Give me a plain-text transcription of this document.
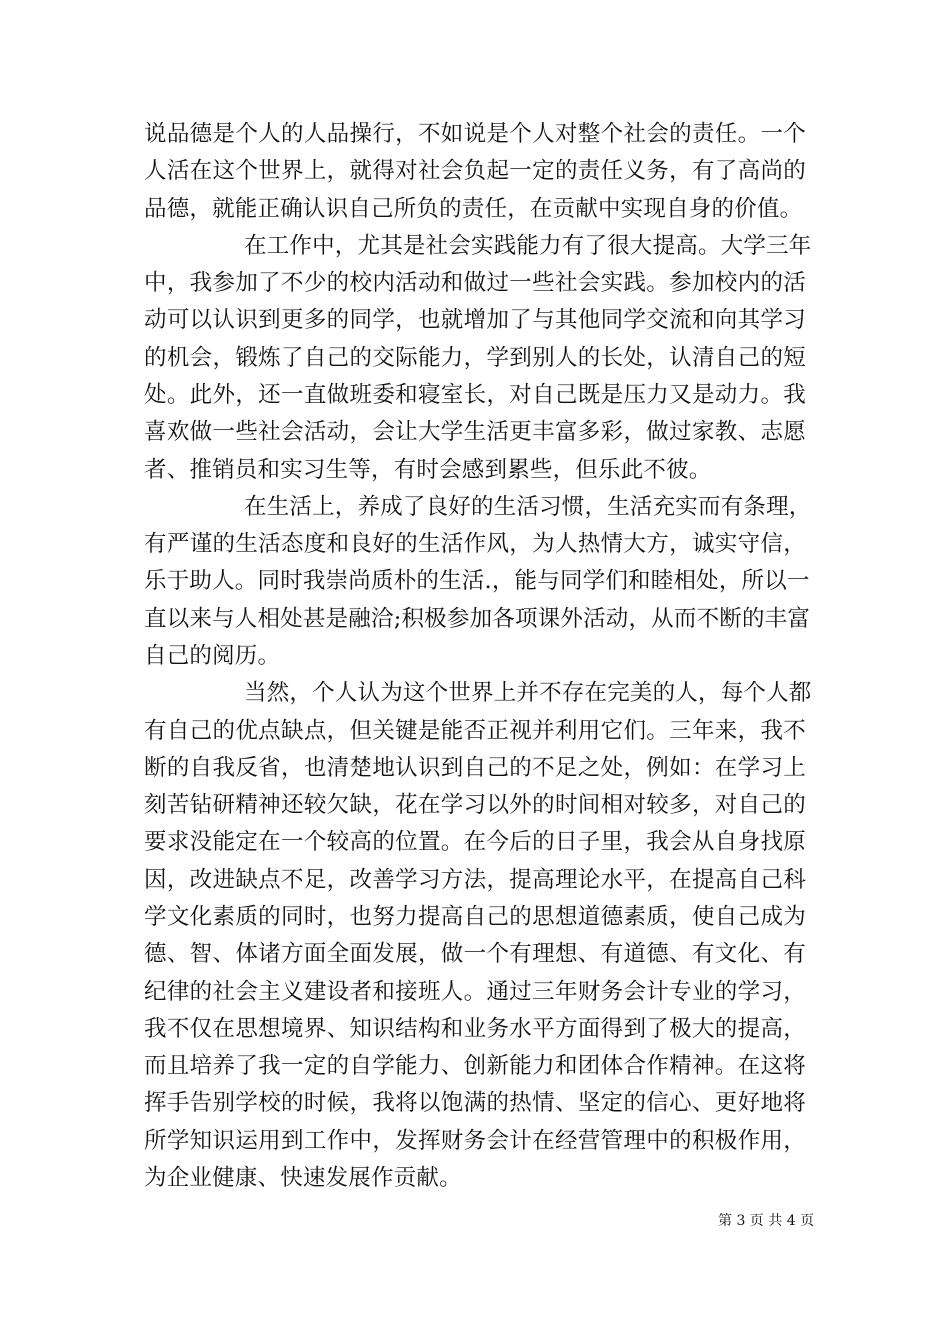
说品德是个人的人品操行，不如说是个人对整个社会的责任。一个
人活在这个世界上，就得对社会负起一定的责任义务，有了高尚的
品德，就能正确认识自己所负的责任，在贡献中实现自身的价值。
在工作中，尤其是社会实践能力有了很大提高。大学三年
中，我参加了不少的校内活动和做过一些社会实践。参加校内的活
动可以认识到更多的同学，也就增加了与其他同学交流和向其学习
的机会，锻炼了自己的交际能力，学到别人的长处，认清自己的短
处。此外，还一直做班委和寝室长，对自己既是压力又是动力。我
喜欢做一些社会活动，会让大学生活更丰富多彩，做过家教、志愿
者、推销员和实习生等，有时会感到累些，但乐此不彼。
在生活上，养成了良好的生活习惯，生活充实而有条理，
有严谨的生活态度和良好的生活作风，为人热情大方，诚实守信，
乐于助人。同时我崇尚质朴的生活.，能与同学们和睦相处，所以一
直以来与人相处甚是融洽;积极参加各项课外活动，从而不断的丰富
自己的阅历。
当然，个人认为这个世界上并不存在完美的人，每个人都
有自己的优点缺点，但关键是能否正视并利用它们。三年来，我不
断的自我反省，也清楚地认识到自己的不足之处，例如：在学习上
刻苦钻研精神还较欠缺，花在学习以外的时间相对较多，对自己的
要求没能定在一个较高的位置。在今后的日子里，我会从自身找原
因，改进缺点不足，改善学习方法，提高理论水平，在提高自己科
学文化素质的同时，也努力提高自己的思想道德素质，使自己成为
德、智、体诸方面全面发展，做一个有理想、有道德、有文化、有
纪律的社会主义建设者和接班人。通过三年财务会计专业的学习，
我不仅在思想境界、知识结构和业务水平方面得到了极大的提高，
而且培养了我一定的自学能力、创新能力和团体合作精神。在这将
挥手告别学校的时候，我将以饱满的热情、坚定的信心、更好地将
所学知识运用到工作中，发挥财务会计在经营管理中的积极作用，
为企业健康、快速发展作贡献。
第 3 页 共 4 页
